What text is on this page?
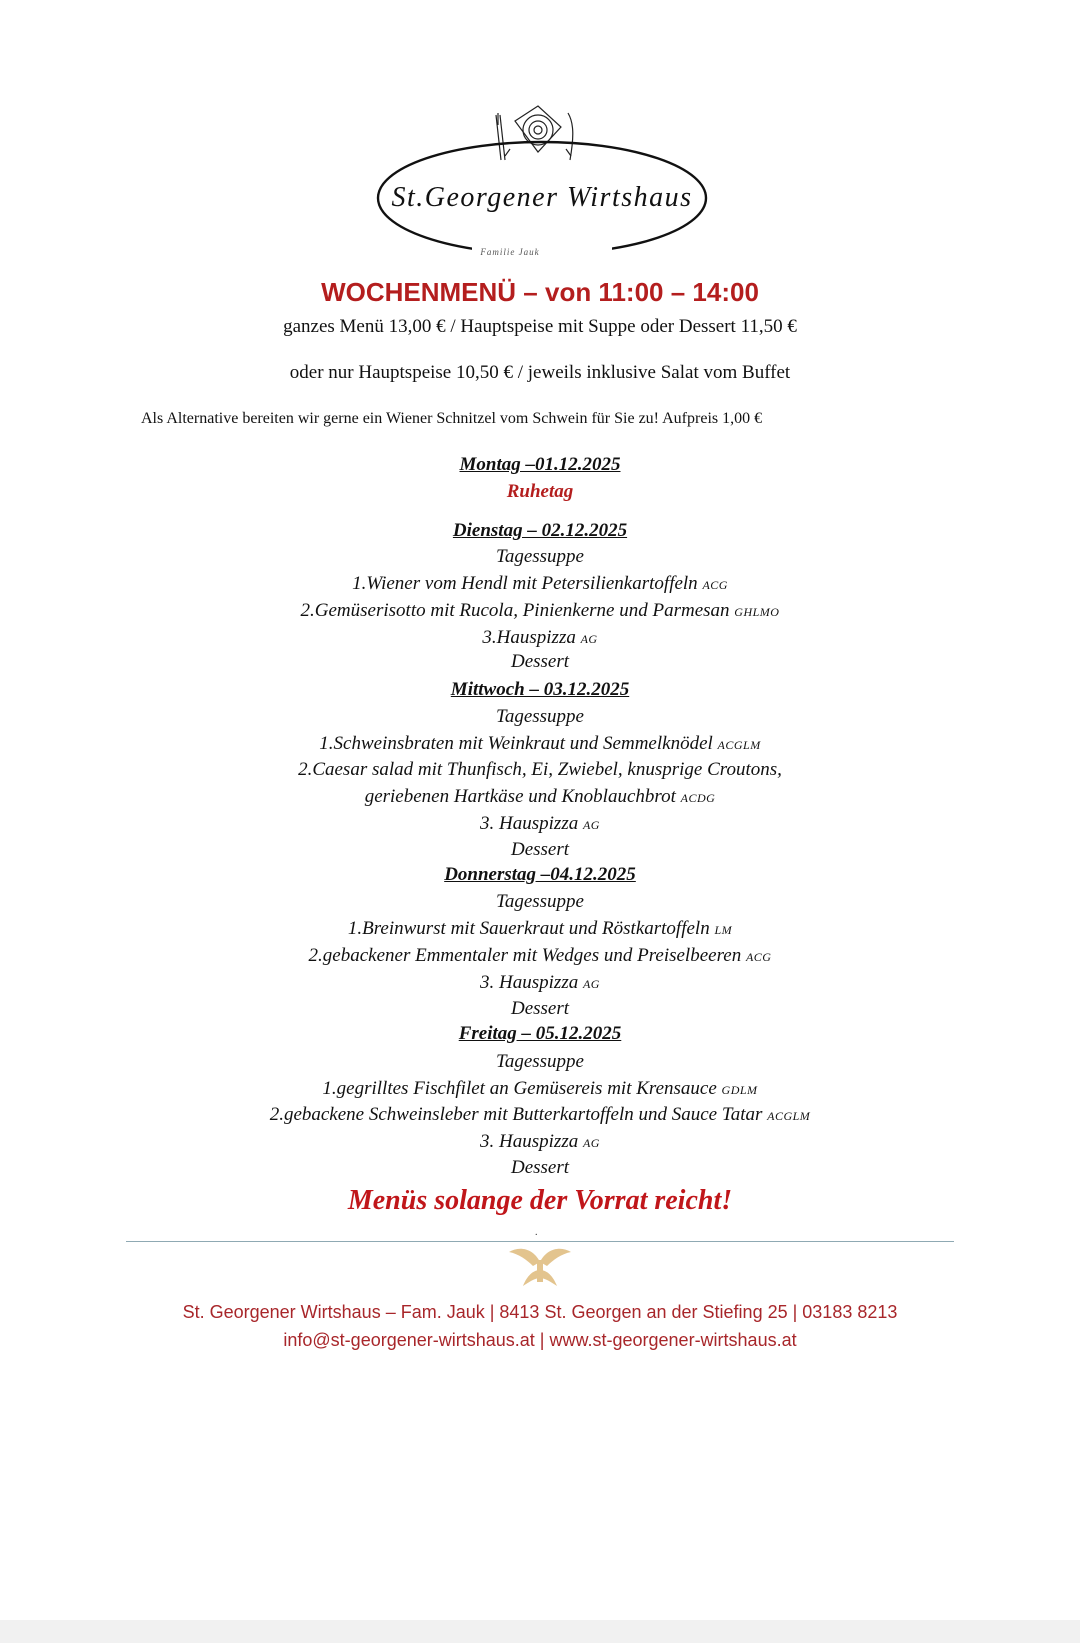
St.Georgener Wirtshaus
Familie Jauk
WOCHENMENÜ – von 11:00 – 14:00
ganzes Menü 13,00 € / Hauptspeise mit Suppe oder Dessert 11,50 €
oder nur Hauptspeise 10,50 € / jeweils inklusive Salat vom Buffet
Als Alternative bereiten wir gerne ein Wiener Schnitzel vom Schwein für Sie zu! Aufpreis 1,00 €
Montag –01.12.2025
Ruhetag
Dienstag – 02.12.2025
Tagessuppe
1.Wiener vom Hendl mit Petersilienkartoffeln ACG
2.Gemüserisotto mit Rucola, Pinienkerne und Parmesan GHLMO
3.Hauspizza AG
Dessert
Mittwoch – 03.12.2025
Tagessuppe
1.Schweinsbraten mit Weinkraut und Semmelknödel ACGLM
2.Caesar salad mit Thunfisch, Ei, Zwiebel, knusprige Croutons,
geriebenen Hartkäse und Knoblauchbrot ACDG
3. Hauspizza AG
Dessert
Donnerstag –04.12.2025
Tagessuppe
1.Breinwurst mit Sauerkraut und Röstkartoffeln LM
2.gebackener Emmentaler mit Wedges und Preiselbeeren ACG
3. Hauspizza AG
Dessert
Freitag – 05.12.2025
Tagessuppe
1.gegrilltes Fischfilet an Gemüsereis mit Krensauce GDLM
2.gebackene Schweinsleber mit Butterkartoffeln und Sauce Tatar ACGLM
3. Hauspizza AG
Dessert
Menüs solange der Vorrat reicht!
.
St. Georgener Wirtshaus – Fam. Jauk | 8413 St. Georgen an der Stiefing 25 | 03183 8213
info@st-georgener-wirtshaus.at | www.st-georgener-wirtshaus.at
